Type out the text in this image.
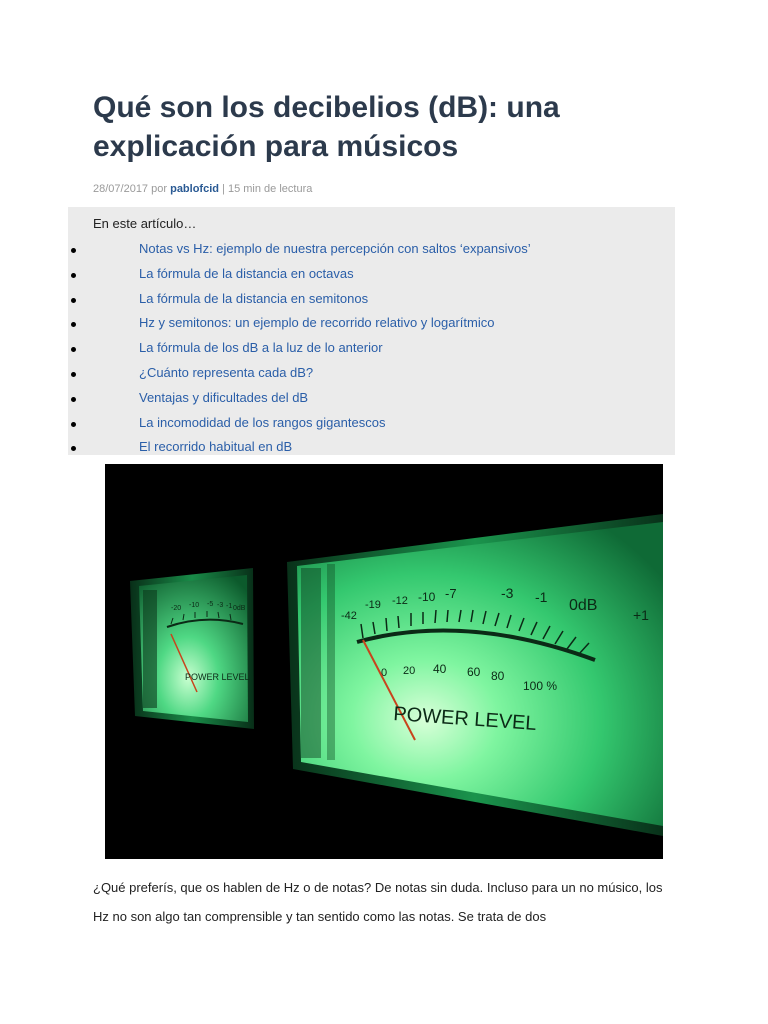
Qué son los decibelios (dB): una explicación para músicos
28/07/2017 por pablofcid | 15 min de lectura
En este artículo…
Notas vs Hz: ejemplo de nuestra percepción con saltos ‘expansivos’
La fórmula de la distancia en octavas
La fórmula de la distancia en semitonos
Hz y semitonos: un ejemplo de recorrido relativo y logarítmico
La fórmula de los dB a la luz de lo anterior
¿Cuánto representa cada dB?
Ventajas y dificultades del dB
La incomodidad de los rangos gigantescos
El recorrido habitual en dB
-20 -10 -5 -3 -1 0dB
POWER LEVEL
-42
-19 -12 -10 -7	-3 -1 0dB
+1
0 20 40 60 80
100 %
POWER LEVEL

¿Qué preferís, que os hablen de Hz o de notas? De notas sin duda. Incluso para un no músico, los Hz no son algo tan comprensible y tan sentido como las notas. Se trata de dos
